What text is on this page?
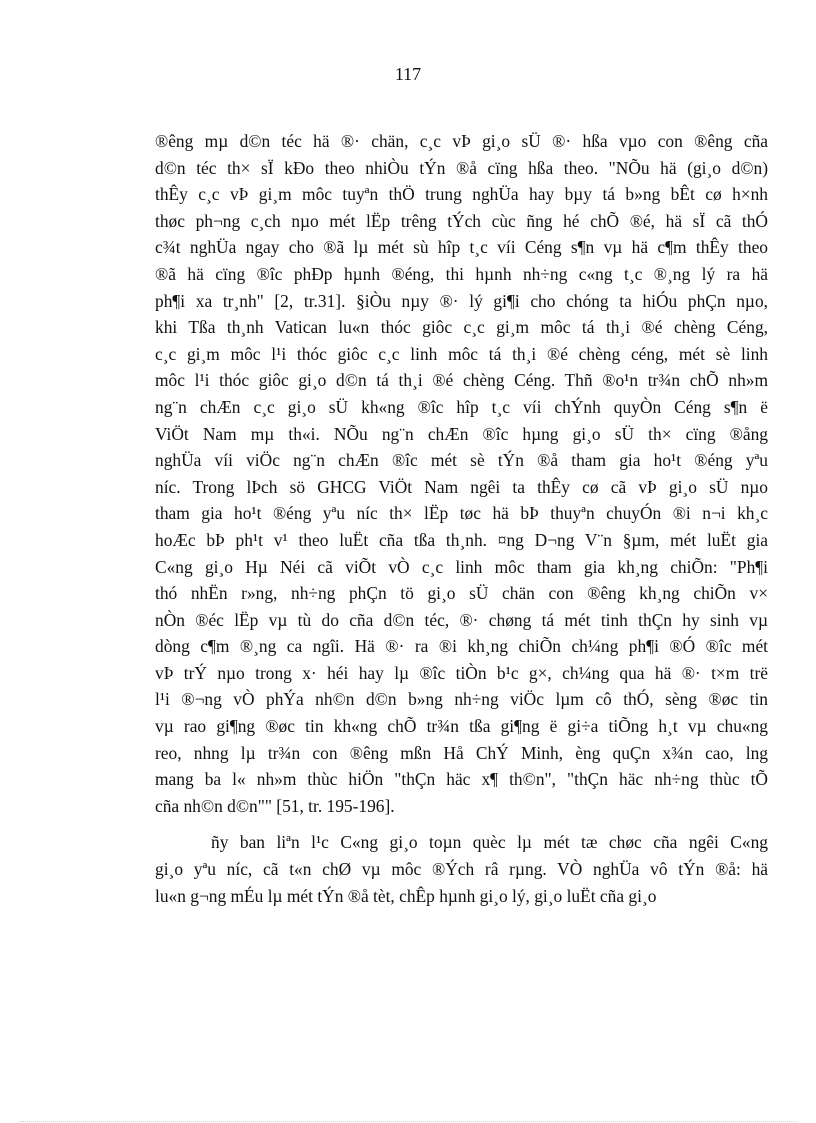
117
®êng mµ d©n téc hä ®· chän, c¸c vÞ gi¸o sÜ ®· hßa vµo con ®êng cña
d©n téc th× sÏ kÐo theo nhiÒu tÝn ®å cïng hßa theo. "NÕu hä (gi¸o d©n)
thÊy c¸c vÞ gi¸m môc tuyªn thÖ trung nghÜa hay bµy tá b»ng bÊt cø h×nh
thøc ph¬ng c¸ch nµo mét lËp trêng tÝch cùc ñng hé chÕ ®é, hä sÏ cã thÓ
c¾t nghÜa ngay cho ®ã lµ mét sù hîp t¸c víi Céng s¶n vµ hä c¶m thÊy theo
®ã hä cïng ®îc phÐp hµnh ®éng, thi hµnh nh÷ng c«ng t¸c ®¸ng lý ra hä
ph¶i xa tr¸nh" [2, tr.31]. §iÒu nµy ®· lý gi¶i cho chóng ta hiÓu phÇn nµo,
khi Tßa th¸nh Vatican lu«n thóc giôc c¸c gi¸m môc tá th¸i ®é chèng Céng,
c¸c gi¸m môc l¹i thóc giôc c¸c linh môc tá th¸i ®é chèng céng, mét sè linh
môc l¹i thóc giôc gi¸o d©n tá th¸i ®é chèng Céng. Thñ ®o¹n tr¾n chÕ nh»m
ng¨n chÆn c¸c gi¸o sÜ kh«ng ®îc hîp t¸c víi chÝnh quyÒn Céng s¶n ë
ViÖt Nam mµ th«i. NÕu ng¨n chÆn ®îc hµng gi¸o sÜ th× cïng ®ång
nghÜa víi viÖc ng¨n chÆn ®îc mét sè tÝn ®å tham gia ho¹t ®éng yªu
níc. Trong lÞch sö GHCG ViÖt Nam ngêi ta thÊy cø cã vÞ gi¸o sÜ nµo
tham gia ho¹t ®éng yªu níc th× lËp tøc hä bÞ thuyªn chuyÓn ®i n¬i kh¸c
hoÆc bÞ ph¹t v¹ theo luËt cña tßa th¸nh. ¤ng D¬ng V¨n §µm, mét luËt gia
C«ng gi¸o Hµ Néi cã viÕt vÒ c¸c linh môc tham gia kh¸ng chiÕn: "Ph¶i
thó nhËn r»ng, nh÷ng phÇn tö gi¸o sÜ chän con ®êng kh¸ng chiÕn v×
nÒn ®éc lËp vµ tù do cña d©n téc, ®· chøng tá mét tinh thÇn hy sinh vµ
dòng c¶m ®¸ng ca ngîi. Hä ®· ra ®i kh¸ng chiÕn ch¼ng ph¶i ®Ó ®îc mét
vÞ trÝ nµo trong x· héi hay lµ ®îc tiÒn b¹c g×, ch¼ng qua hä ®· t×m trë
l¹i ®¬ng vÒ phÝa nh©n d©n b»ng nh÷ng viÖc lµm cô thÓ, sèng ®øc tin
vµ rao gi¶ng ®øc tin kh«ng chÕ tr¾n tßa gi¶ng ë gi÷a tiÕng h¸t vµ chu«ng
reo, nhng lµ tr¾n con ®êng mßn Hå ChÝ Minh, èng quÇn x¾n cao, lng
mang ba l« nh»m thùc hiÖn "thÇn häc x¶ th©n", "thÇn häc nh÷ng thùc tÕ
cña nh©n d©n"" [51, tr. 195-196].
ñy ban liªn l¹c C«ng gi¸o toµn quèc lµ mét tæ chøc cña ngêi C«ng
gi¸o yªu níc, cã t«n chØ vµ môc ®Ých râ rµng. VÒ nghÜa vô tÝn ®å: hä
lu«n g¬ng mÉu lµ mét tÝn ®å tèt, chÊp hµnh gi¸o lý, gi¸o luËt cña gi¸o
